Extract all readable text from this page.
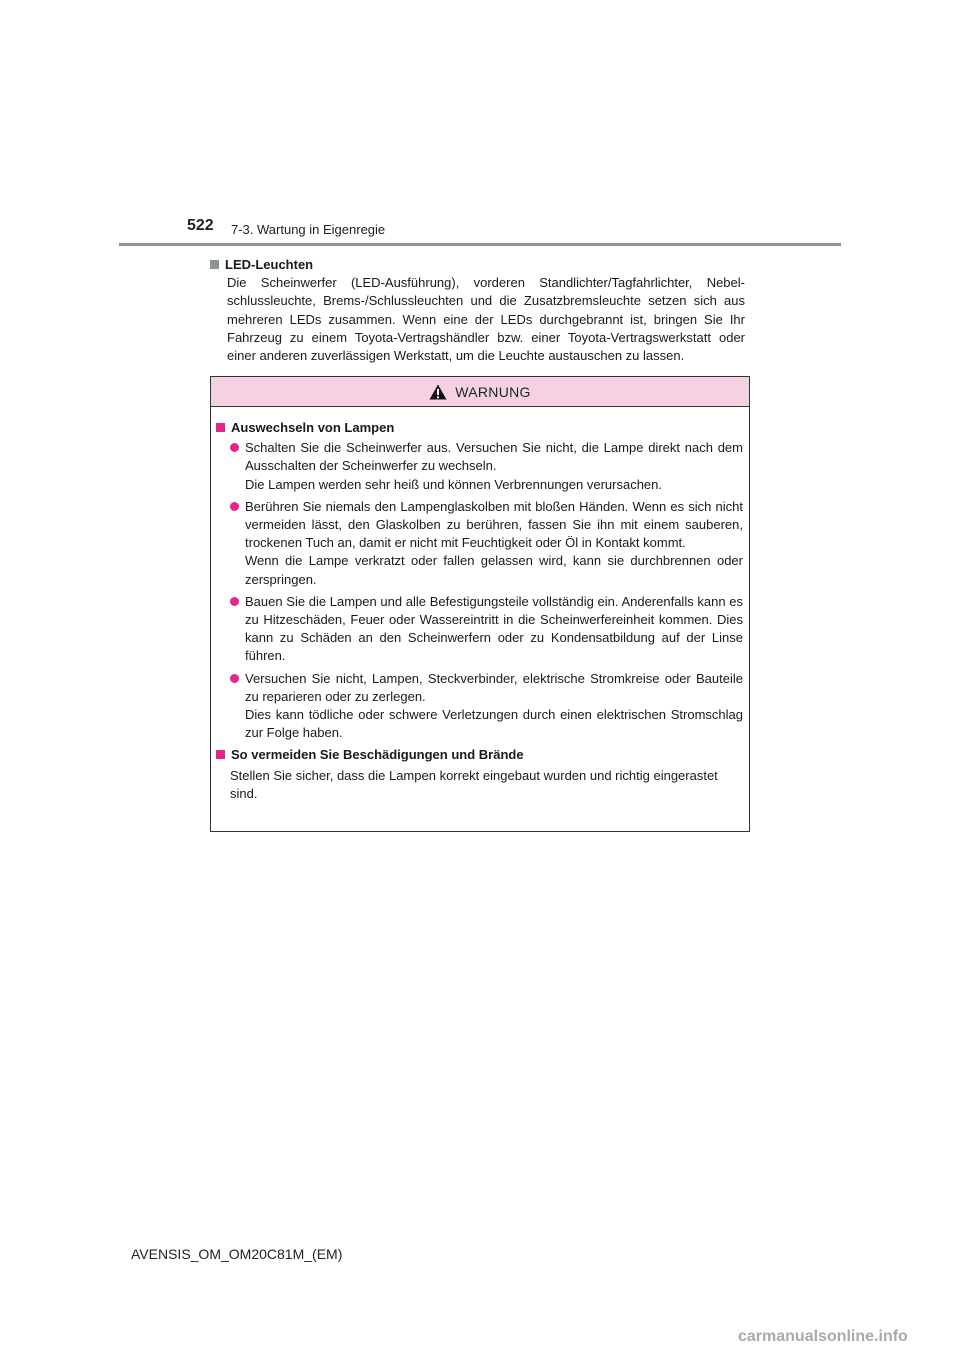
522 7-3. Wartung in Eigenregie
LED-Leuchten

Die Scheinwerfer (LED-Ausführung), vorderen Standlichter/Tagfahrlichter, Nebelschlussleuchte, Brems-/Schlussleuchten und die Zusatzbremsleuchte setzen sich aus mehreren LEDs zusammen. Wenn eine der LEDs durchgebrannt ist, bringen Sie Ihr Fahrzeug zu einem Toyota-Vertragshändler bzw. einer Toyota-Vertragswerkstatt oder einer anderen zuverlässigen Werkstatt, um die Leuchte austauschen zu lassen.

WARNUNG
Auswechseln von Lampen

Schalten Sie die Scheinwerfer aus. Versuchen Sie nicht, die Lampe direkt nach dem Ausschalten der Scheinwerfer zu wechseln.

Die Lampen werden sehr heiß und können Verbrennungen verursachen.

Berühren Sie niemals den Lampenglaskolben mit bloßen Händen. Wenn es sich nicht vermeiden lässt, den Glaskolben zu berühren, fassen Sie ihn mit einem sauberen, trockenen Tuch an, damit er nicht mit Feuchtigkeit oder Öl in Kontakt kommt.

Wenn die Lampe verkratzt oder fallen gelassen wird, kann sie durchbrennen oder zerspringen.

Bauen Sie die Lampen und alle Befestigungsteile vollständig ein. Anderenfalls kann es zu Hitzeschäden, Feuer oder Wassereintritt in die Scheinwerfereinheit kommen. Dies kann zu Schäden an den Scheinwerfern oder zu Kondensatbildung auf der Linse führen.

Versuchen Sie nicht, Lampen, Steckverbinder, elektrische Stromkreise oder Bauteile zu reparieren oder zu zerlegen.

Dies kann tödliche oder schwere Verletzungen durch einen elektrischen Stromschlag zur Folge haben.

So vermeiden Sie Beschädigungen und Brände

Stellen Sie sicher, dass die Lampen korrekt eingebaut wurden und richtig eingerastet sind.

AVENSIS_OM_OM20C81M_(EM)
carmanualsonline.info
